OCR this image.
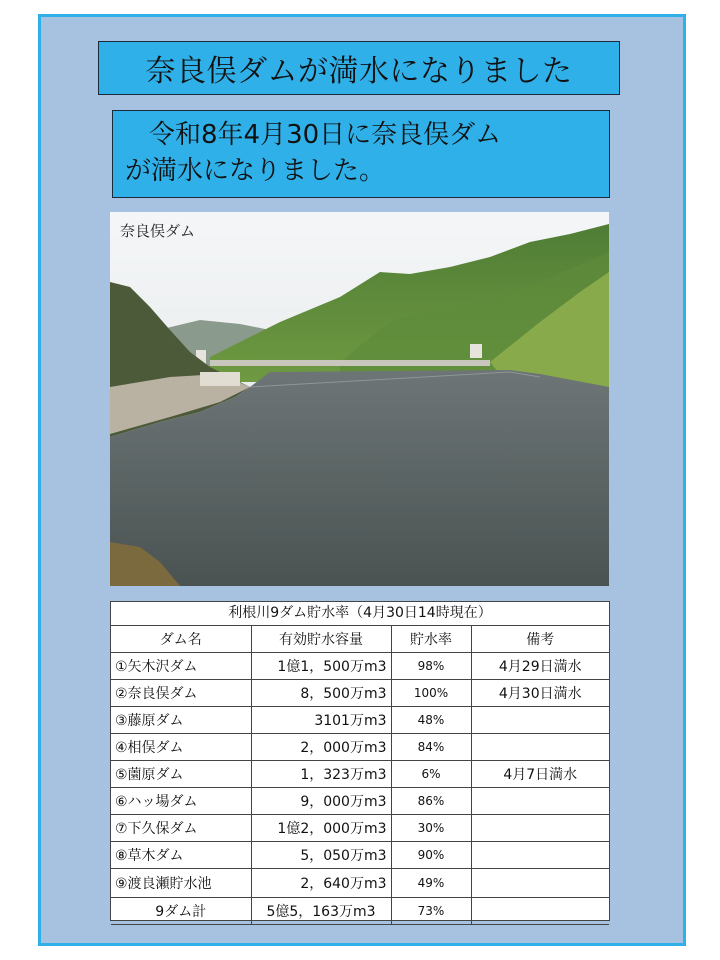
奈良俣ダムが満水になりました
令和8年4月30日に奈良俣ダム
が満水になりました。
奈良俣ダム
利根川9ダム貯水率（4月30日14時現在）
ダム名	有効貯水容量	貯水率	備考
①矢木沢ダム	1億1，500万m3	98%	4月29日満水
②奈良俣ダム	8，500万m3	100%	4月30日満水
③藤原ダム	3101万m3	48%	
④相俣ダム	2，000万m3	84%	
⑤薗原ダム	1，323万m3	6%	4月7日満水
⑥ハッ場ダム	9，000万m3	86%	
⑦下久保ダム	1億2，000万m3	30%	
⑧草木ダム	5，050万m3	90%	

⑨渡良瀬貯水池	2，640万m3	49%	
9ダム計	5億5，163万m3	73%	
